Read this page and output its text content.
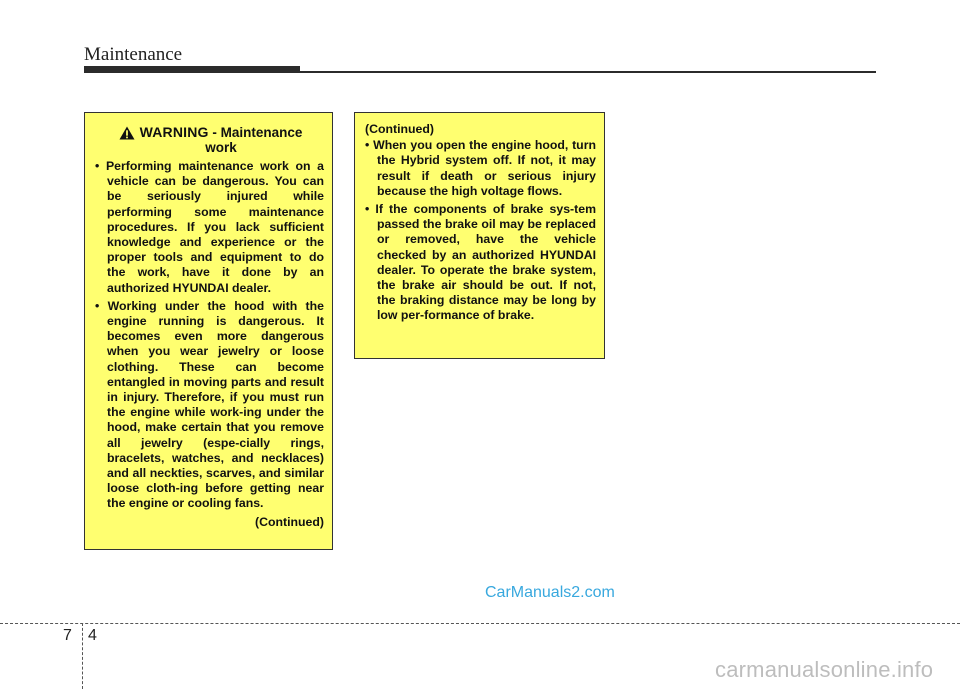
Maintenance
WARNING - Maintenance
work

• Performing maintenance work on a vehicle can be dangerous. You can be seriously injured while performing some maintenance procedures. If you lack sufficient knowledge and experience or the proper tools and equipment to do the work, have it done by an authorized HYUNDAI dealer.

• Working under the hood with the engine running is dangerous. It becomes even more dangerous when you wear jewelry or loose clothing. These can become entangled in moving parts and result in injury. Therefore, if you must run the engine while work-ing under the hood, make certain that you remove all jewelry (espe-cially rings, bracelets, watches, and necklaces) and all neckties, scarves, and similar loose cloth-ing before getting near the engine or cooling fans.

(Continued)
(Continued)

• When you open the engine hood, turn the Hybrid system off. If not, it may result if death or serious injury because the high voltage flows.

• If the components of brake sys-tem passed the brake oil may be replaced or removed, have the vehicle checked by an authorized HYUNDAI dealer. To operate the brake system, the brake air should be out. If not, the braking distance may be long by low per-formance of brake.

CarManuals2.com
7 4
carmanualsonline.info
